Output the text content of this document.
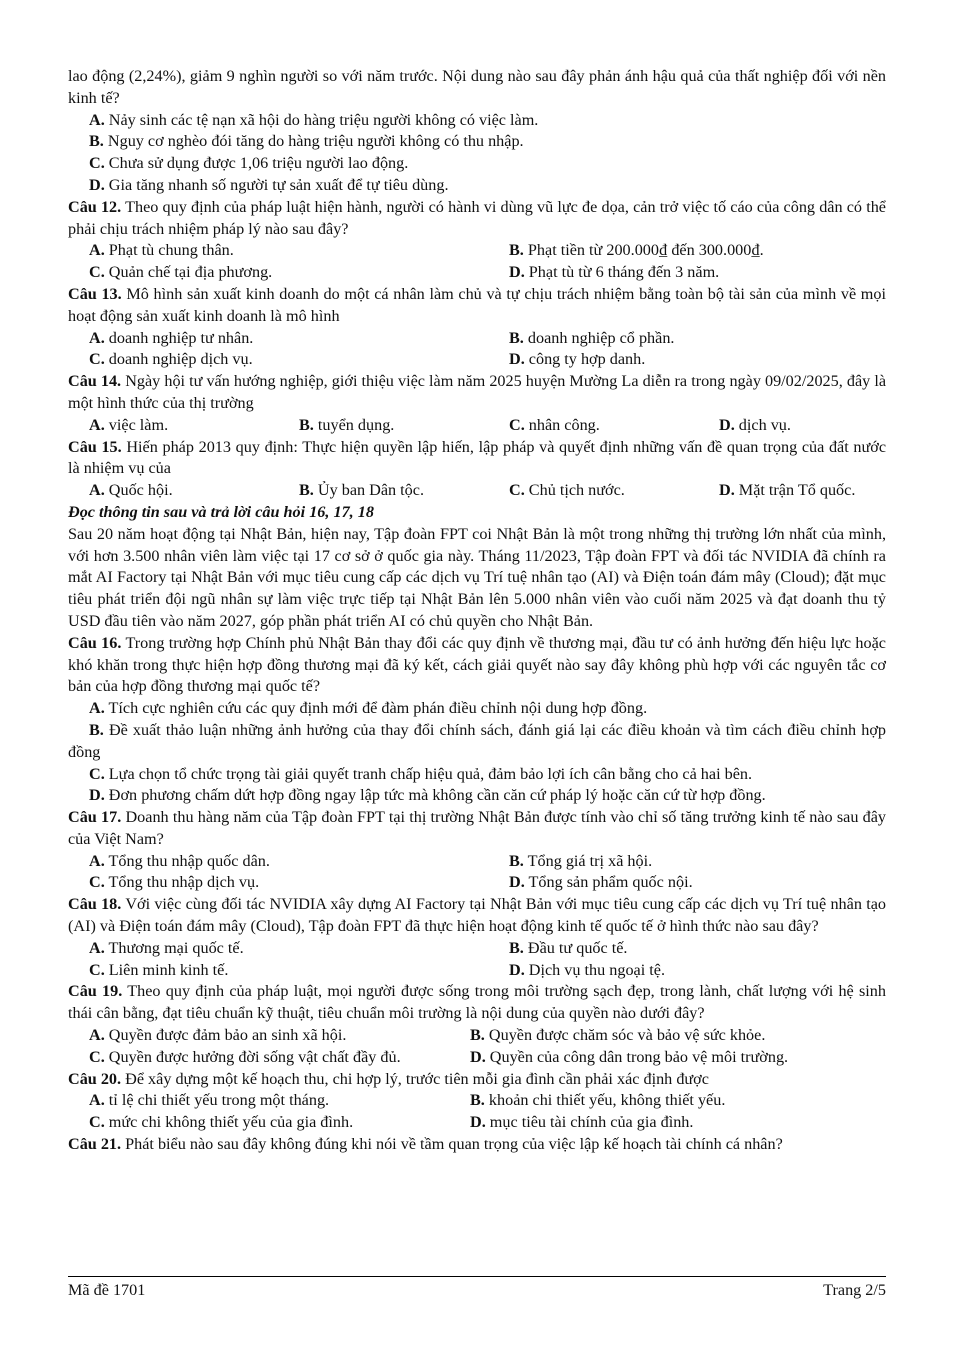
lao động (2,24%), giảm 9 nghìn người so với năm trước. Nội dung nào sau đây phản ánh hậu quả của thất nghiệp đối với nền kinh tế?

A. Nảy sinh các tệ nạn xã hội do hàng triệu người không có việc làm.

B. Nguy cơ nghèo đói tăng do hàng triệu người không có thu nhập.

C. Chưa sử dụng được 1,06 triệu người lao động.

D. Gia tăng nhanh số người tự sản xuất để tự tiêu dùng.

Câu 12. Theo quy định của pháp luật hiện hành, người có hành vi dùng vũ lực đe dọa, cản trở việc tố cáo của công dân có thể phải chịu trách nhiệm pháp lý nào sau đây?

A. Phạt tù chung thân.	B. Phạt tiền từ 200.000₫ đến 300.000₫.
C. Quản chế tại địa phương.	D. Phạt tù từ 6 tháng đến 3 năm.

Câu 13. Mô hình sản xuất kinh doanh do một cá nhân làm chủ và tự chịu trách nhiệm bằng toàn bộ tài sản của mình về mọi hoạt động sản xuất kinh doanh là mô hình

A. doanh nghiệp tư nhân.	B. doanh nghiệp cổ phần.
C. doanh nghiệp dịch vụ.	D. công ty hợp danh.

Câu 14. Ngày hội tư vấn hướng nghiệp, giới thiệu việc làm năm 2025 huyện Mường La diễn ra trong ngày 09/02/2025, đây là một hình thức của thị trường

A. việc làm.	B. tuyển dụng.	C. nhân công.	D. dịch vụ.

Câu 15. Hiến pháp 2013 quy định: Thực hiện quyền lập hiến, lập pháp và quyết định những vấn đề quan trọng của đất nước là nhiệm vụ của

A. Quốc hội.	B. Ủy ban Dân tộc.	C. Chủ tịch nước.	D. Mặt trận Tổ quốc.

Đọc thông tin sau và trả lời câu hỏi 16, 17, 18

Sau 20 năm hoạt động tại Nhật Bản, hiện nay, Tập đoàn FPT coi Nhật Bản là một trong những thị trường lớn nhất của mình, với hơn 3.500 nhân viên làm việc tại 17 cơ sở ở quốc gia này. Tháng 11/2023, Tập đoàn FPT và đối tác NVIDIA đã chính ra mắt AI Factory tại Nhật Bản với mục tiêu cung cấp các dịch vụ Trí tuệ nhân tạo (AI) và Điện toán đám mây (Cloud); đặt mục tiêu phát triển đội ngũ nhân sự làm việc trực tiếp tại Nhật Bản lên 5.000 nhân viên vào cuối năm 2025 và đạt doanh thu tỷ USD đầu tiên vào năm 2027, góp phần phát triển AI có chủ quyền cho Nhật Bản.

Câu 16. Trong trường hợp Chính phủ Nhật Bản thay đổi các quy định về thương mại, đầu tư có ảnh hưởng đến hiệu lực hoặc khó khăn trong thực hiện hợp đồng thương mại đã ký kết, cách giải quyết nào say đây không phù hợp với các nguyên tắc cơ bản của hợp đồng thương mại quốc tế?

A. Tích cực nghiên cứu các quy định mới để đàm phán điều chỉnh nội dung hợp đồng.

B. Đề xuất thảo luận những ảnh hưởng của thay đổi chính sách, đánh giá lại các điều khoản và tìm cách điều chỉnh hợp đồng

C. Lựa chọn tổ chức trọng tài giải quyết tranh chấp hiệu quả, đảm bảo lợi ích cân bằng cho cả hai bên.

D. Đơn phương chấm dứt hợp đồng ngay lập tức mà không cần căn cứ pháp lý hoặc căn cứ từ hợp đồng.

Câu 17. Doanh thu hàng năm của Tập đoàn FPT tại thị trường Nhật Bản được tính vào chỉ số tăng trưởng kinh tế nào sau đây của Việt Nam?

A. Tổng thu nhập quốc dân.	B. Tổng giá trị xã hội.
C. Tổng thu nhập dịch vụ.	D. Tổng sản phẩm quốc nội.

Câu 18. Với việc cùng đối tác NVIDIA xây dựng AI Factory tại Nhật Bản với mục tiêu cung cấp các dịch vụ Trí tuệ nhân tạo (AI) và Điện toán đám mây (Cloud), Tập đoàn FPT đã thực hiện hoạt động kinh tế quốc tế ở hình thức nào sau đây?

A. Thương mại quốc tế.	B. Đầu tư quốc tế.
C. Liên minh kinh tế.	D. Dịch vụ thu ngoại tệ.

Câu 19. Theo quy định của pháp luật, mọi người được sống trong môi trường sạch đẹp, trong lành, chất lượng với hệ sinh thái cân bằng, đạt tiêu chuẩn kỹ thuật, tiêu chuẩn môi trường là nội dung của quyền nào dưới đây?

A. Quyền được đảm bảo an sinh xã hội.	B. Quyền được chăm sóc và bảo vệ sức khỏe.
C. Quyền được hưởng đời sống vật chất đầy đủ.	D. Quyền của công dân trong bảo vệ môi trường.

Câu 20. Để xây dựng một kế hoạch thu, chi hợp lý, trước tiên mỗi gia đình cần phải xác định được

A. tỉ lệ chi thiết yếu trong một tháng.	B. khoản chi thiết yếu, không thiết yếu.
C. mức chi không thiết yếu của gia đình.	D. mục tiêu tài chính của gia đình.

Câu 21. Phát biểu nào sau đây không đúng khi nói về tầm quan trọng của việc lập kế hoạch tài chính cá nhân?

Mã đề 1701	Trang 2/5
